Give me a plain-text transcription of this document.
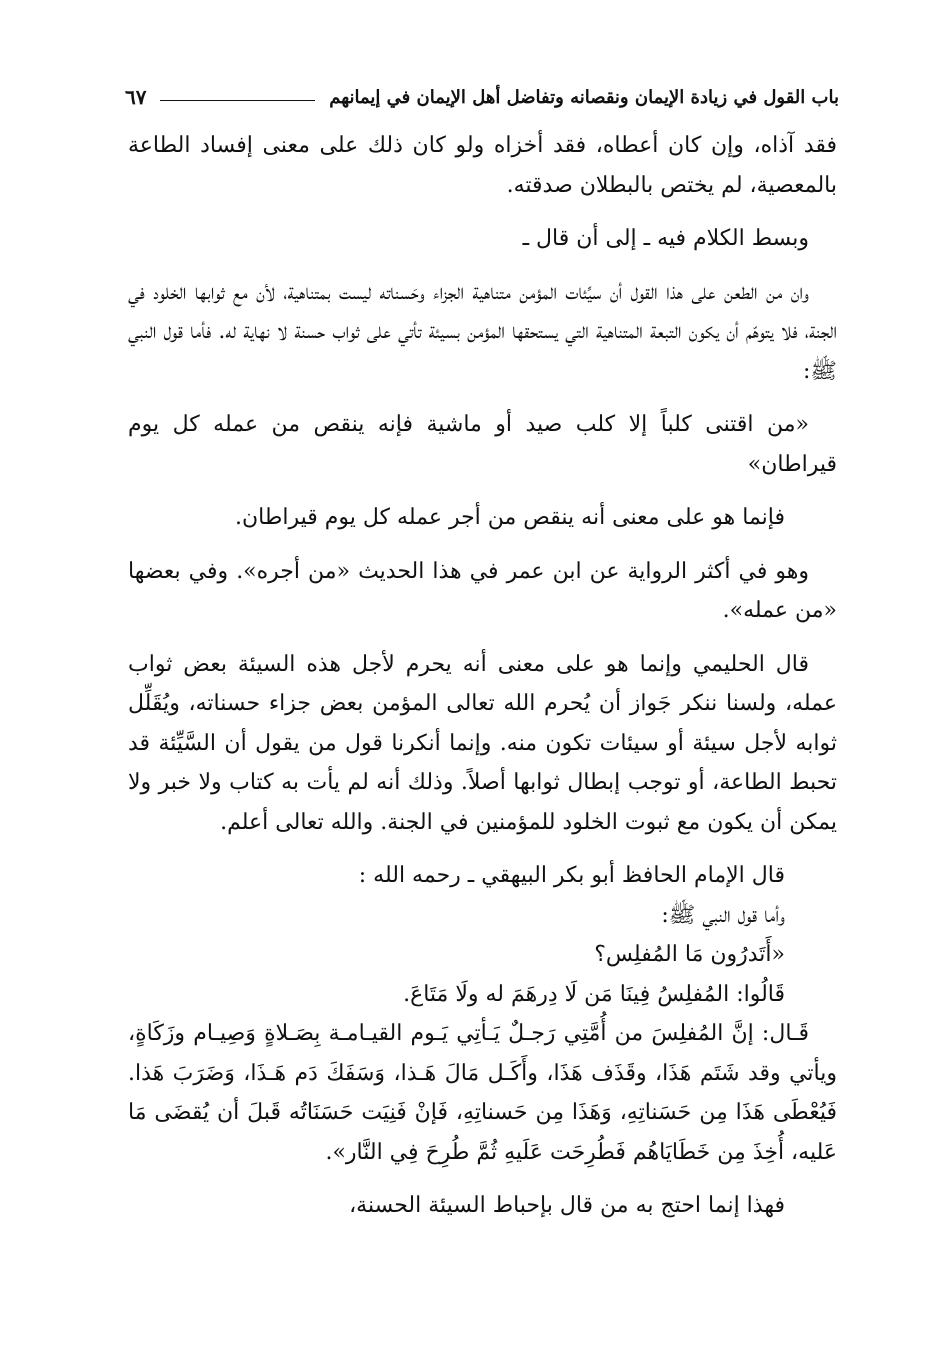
باب القول في زيادة الإيمان ونقصانه وتفاضل أهل الإيمان في إيمانهم
٦٧

فقد آذاه، وإن كان أعطاه، فقد أخزاه ولو كان ذلك على معنى إفساد الطاعة بالمعصية، لم يختص بالبطلان صدقته.

وبسط الكلام فيه ـ إلى أن قال ـ

وان من الطعن على هذا القول أن سيِّئات المؤمن متناهية الجزاء وحَسناته ليست بمتناهية، لأن مع ثوابها الخلود في الجنة، فلا يتوهّم أن يكون التبعة المتناهية التي يستحقها المؤمن بسيئة تأتي على ثواب حسنة لا نهاية له. فأما قول النبي ﷺ:

«من اقتنى كلباً إلا كلب صيد أو ماشية فإنه ينقص من عمله كل يوم قيراطان»

فإنما هو على معنى أنه ينقص من أجر عمله كل يوم قيراطان.

وهو في أكثر الرواية عن ابن عمر في هذا الحديث «من أجره». وفي بعضها «من عمله».

قال الحليمي وإنما هو على معنى أنه يحرم لأجل هذه السيئة بعض ثواب عمله، ولسنا ننكر جَواز أن يُحرم الله تعالى المؤمن بعض جزاء حسناته، ويُقَلِّل ثوابه لأجل سيئة أو سيئات تكون منه. وإنما أنكرنا قول من يقول أن السَّيِّئة قد تحبط الطاعة، أو توجب إبطال ثوابها أصلاً. وذلك أنه لم يأت به كتاب ولا خبر ولا يمكن أن يكون مع ثبوت الخلود للمؤمنين في الجنة. والله تعالى أعلم.

قال الإمام الحافظ أبو بكر البيهقي ـ رحمه الله :

وأما قول النبي ﷺ:

«أَتَدرُون مَا المُفلِس؟

قَالُوا: المُفلِسُ فِينَا مَن لَا دِرهَمَ له ولَا مَتَاعَ.

قَـال: إنَّ المُفلِسَ من أُمَّتِي رَجـلٌ يَـأتِي يَـوم القيـامـة بِصَـلاةٍ وَصِيـام وزَكَاةٍ، ويأتي وقد شَتَم هَذَا، وقَذَف هَذَا، وأَكَـل مَالَ هَـذا، وَسَفَكَ دَم هَـذَا، وَضَرَبَ هَذا. فَيُعْطَى هَذَا مِن حَسَناتِهِ، وَهَذَا مِن حَسناتِهِ، فَإنْ فَنِيَت حَسَنَاتُه قَبلَ أن يُقضَى مَا عَليه، أُخِذَ مِن خَطَايَاهُم فَطُرِحَت عَلَيهِ ثُمَّ طُرِحَ فِي النَّار».

فهذا إنما احتج به من قال بإحباط السيئة الحسنة،
